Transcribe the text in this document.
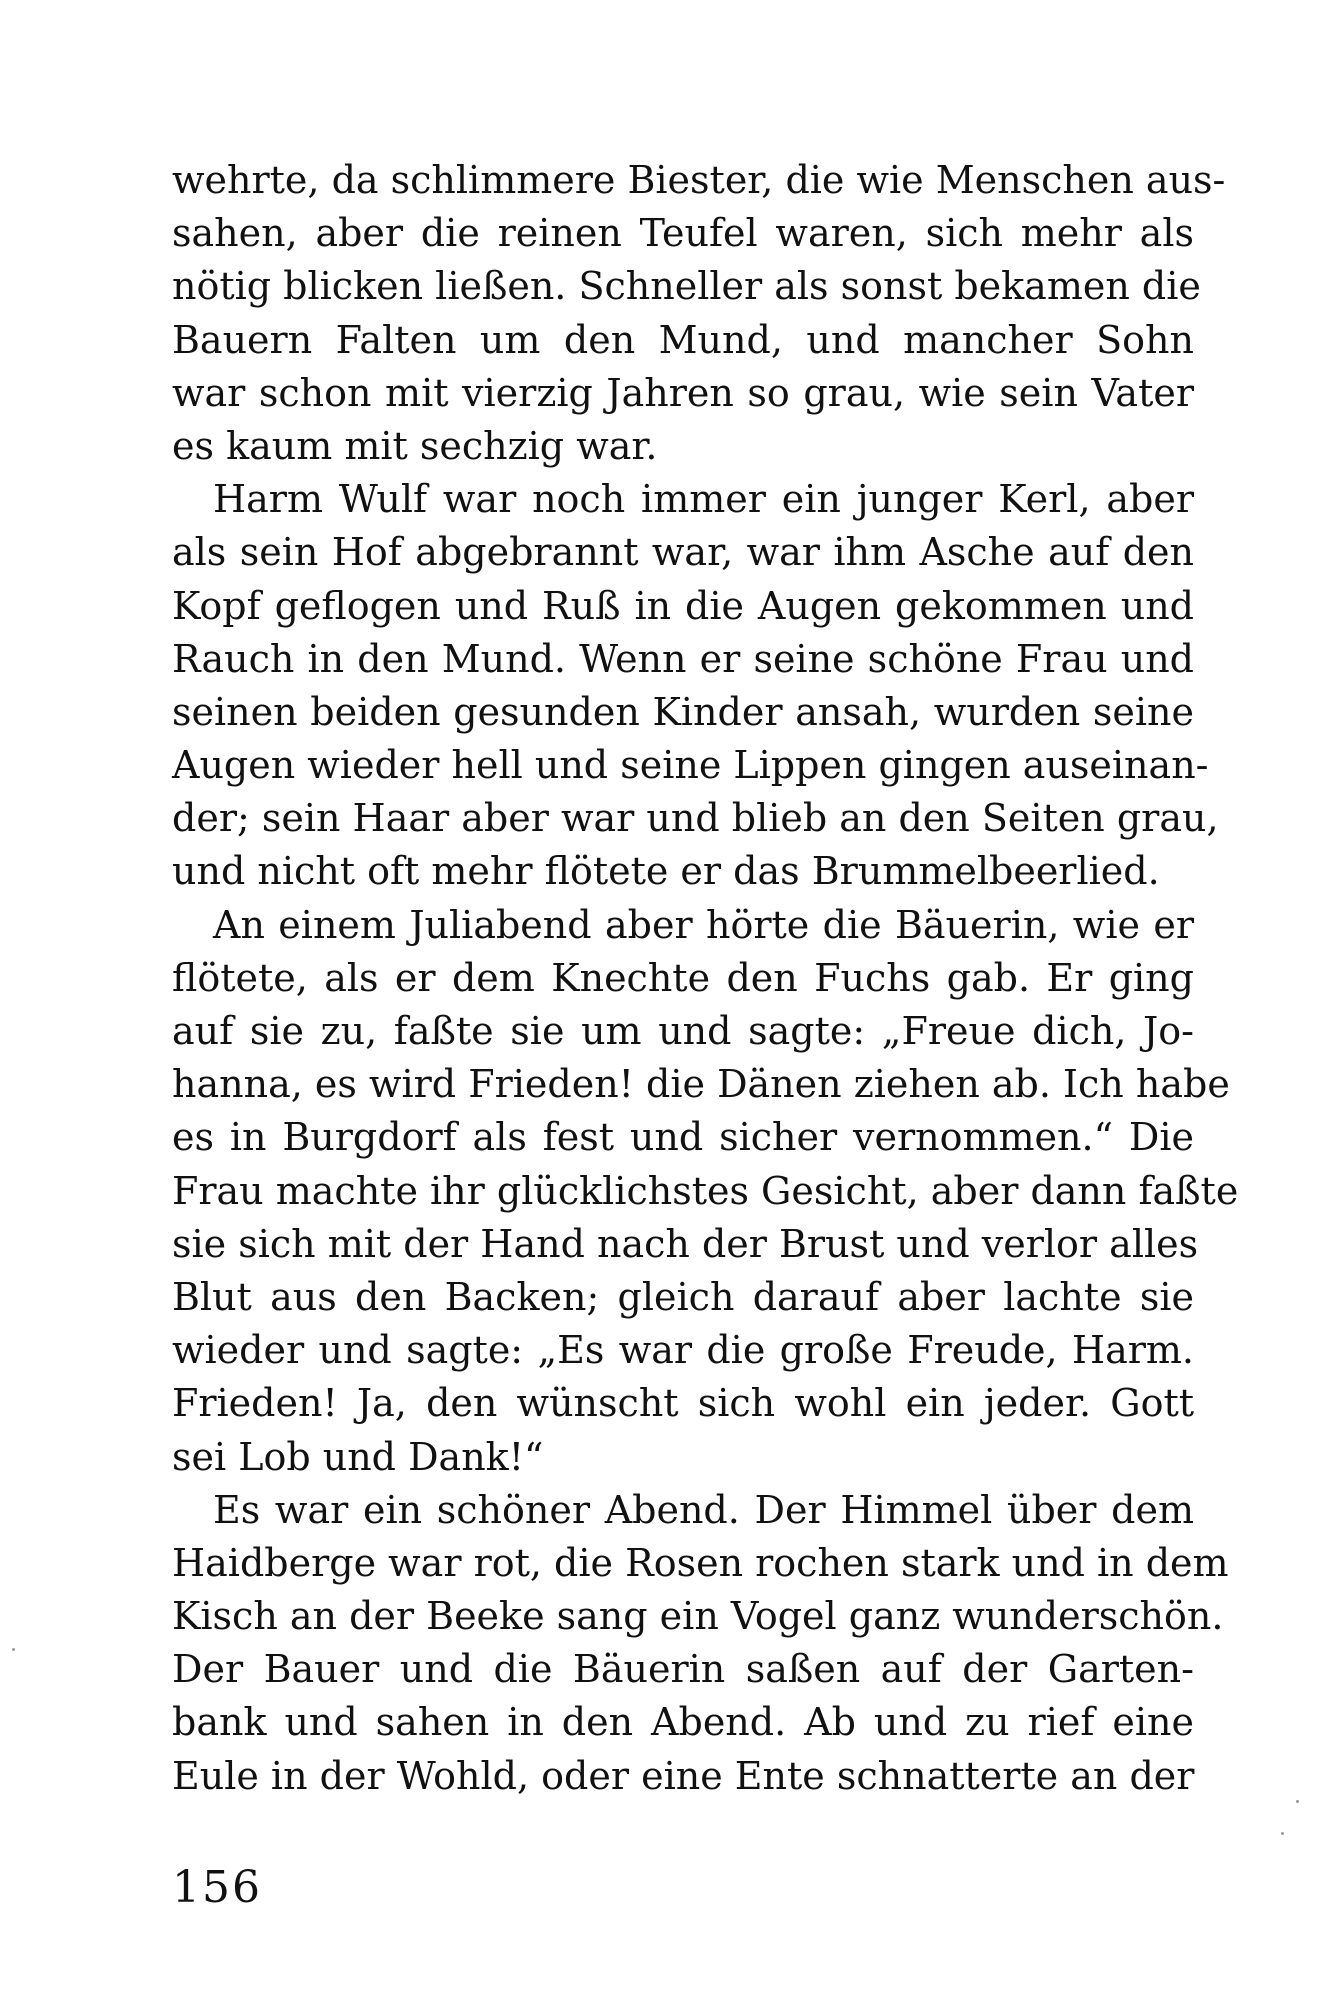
wehrte, da schlimmere Biester, die wie Menschen aus-
sahen, aber die reinen Teufel waren, sich mehr als
nötig blicken ließen. Schneller als sonst bekamen die
Bauern Falten um den Mund, und mancher Sohn
war schon mit vierzig Jahren so grau, wie sein Vater
es kaum mit sechzig war.
Harm Wulf war noch immer ein junger Kerl, aber
als sein Hof abgebrannt war, war ihm Asche auf den
Kopf geflogen und Ruß in die Augen gekommen und
Rauch in den Mund. Wenn er seine schöne Frau und
seinen beiden gesunden Kinder ansah, wurden seine
Augen wieder hell und seine Lippen gingen auseinan-
der; sein Haar aber war und blieb an den Seiten grau,
und nicht oft mehr flötete er das Brummelbeerlied.
An einem Juliabend aber hörte die Bäuerin, wie er
flötete, als er dem Knechte den Fuchs gab. Er ging
auf sie zu, faßte sie um und sagte: „Freue dich, Jo-
hanna, es wird Frieden! die Dänen ziehen ab. Ich habe
es in Burgdorf als fest und sicher vernommen.“ Die
Frau machte ihr glücklichstes Gesicht, aber dann faßte
sie sich mit der Hand nach der Brust und verlor alles
Blut aus den Backen; gleich darauf aber lachte sie
wieder und sagte: „Es war die große Freude, Harm.
Frieden! Ja, den wünscht sich wohl ein jeder. Gott
sei Lob und Dank!“
Es war ein schöner Abend. Der Himmel über dem
Haidberge war rot, die Rosen rochen stark und in dem
Kisch an der Beeke sang ein Vogel ganz wunderschön.
Der Bauer und die Bäuerin saßen auf der Garten-
bank und sahen in den Abend. Ab und zu rief eine
Eule in der Wohld, oder eine Ente schnatterte an der
156
